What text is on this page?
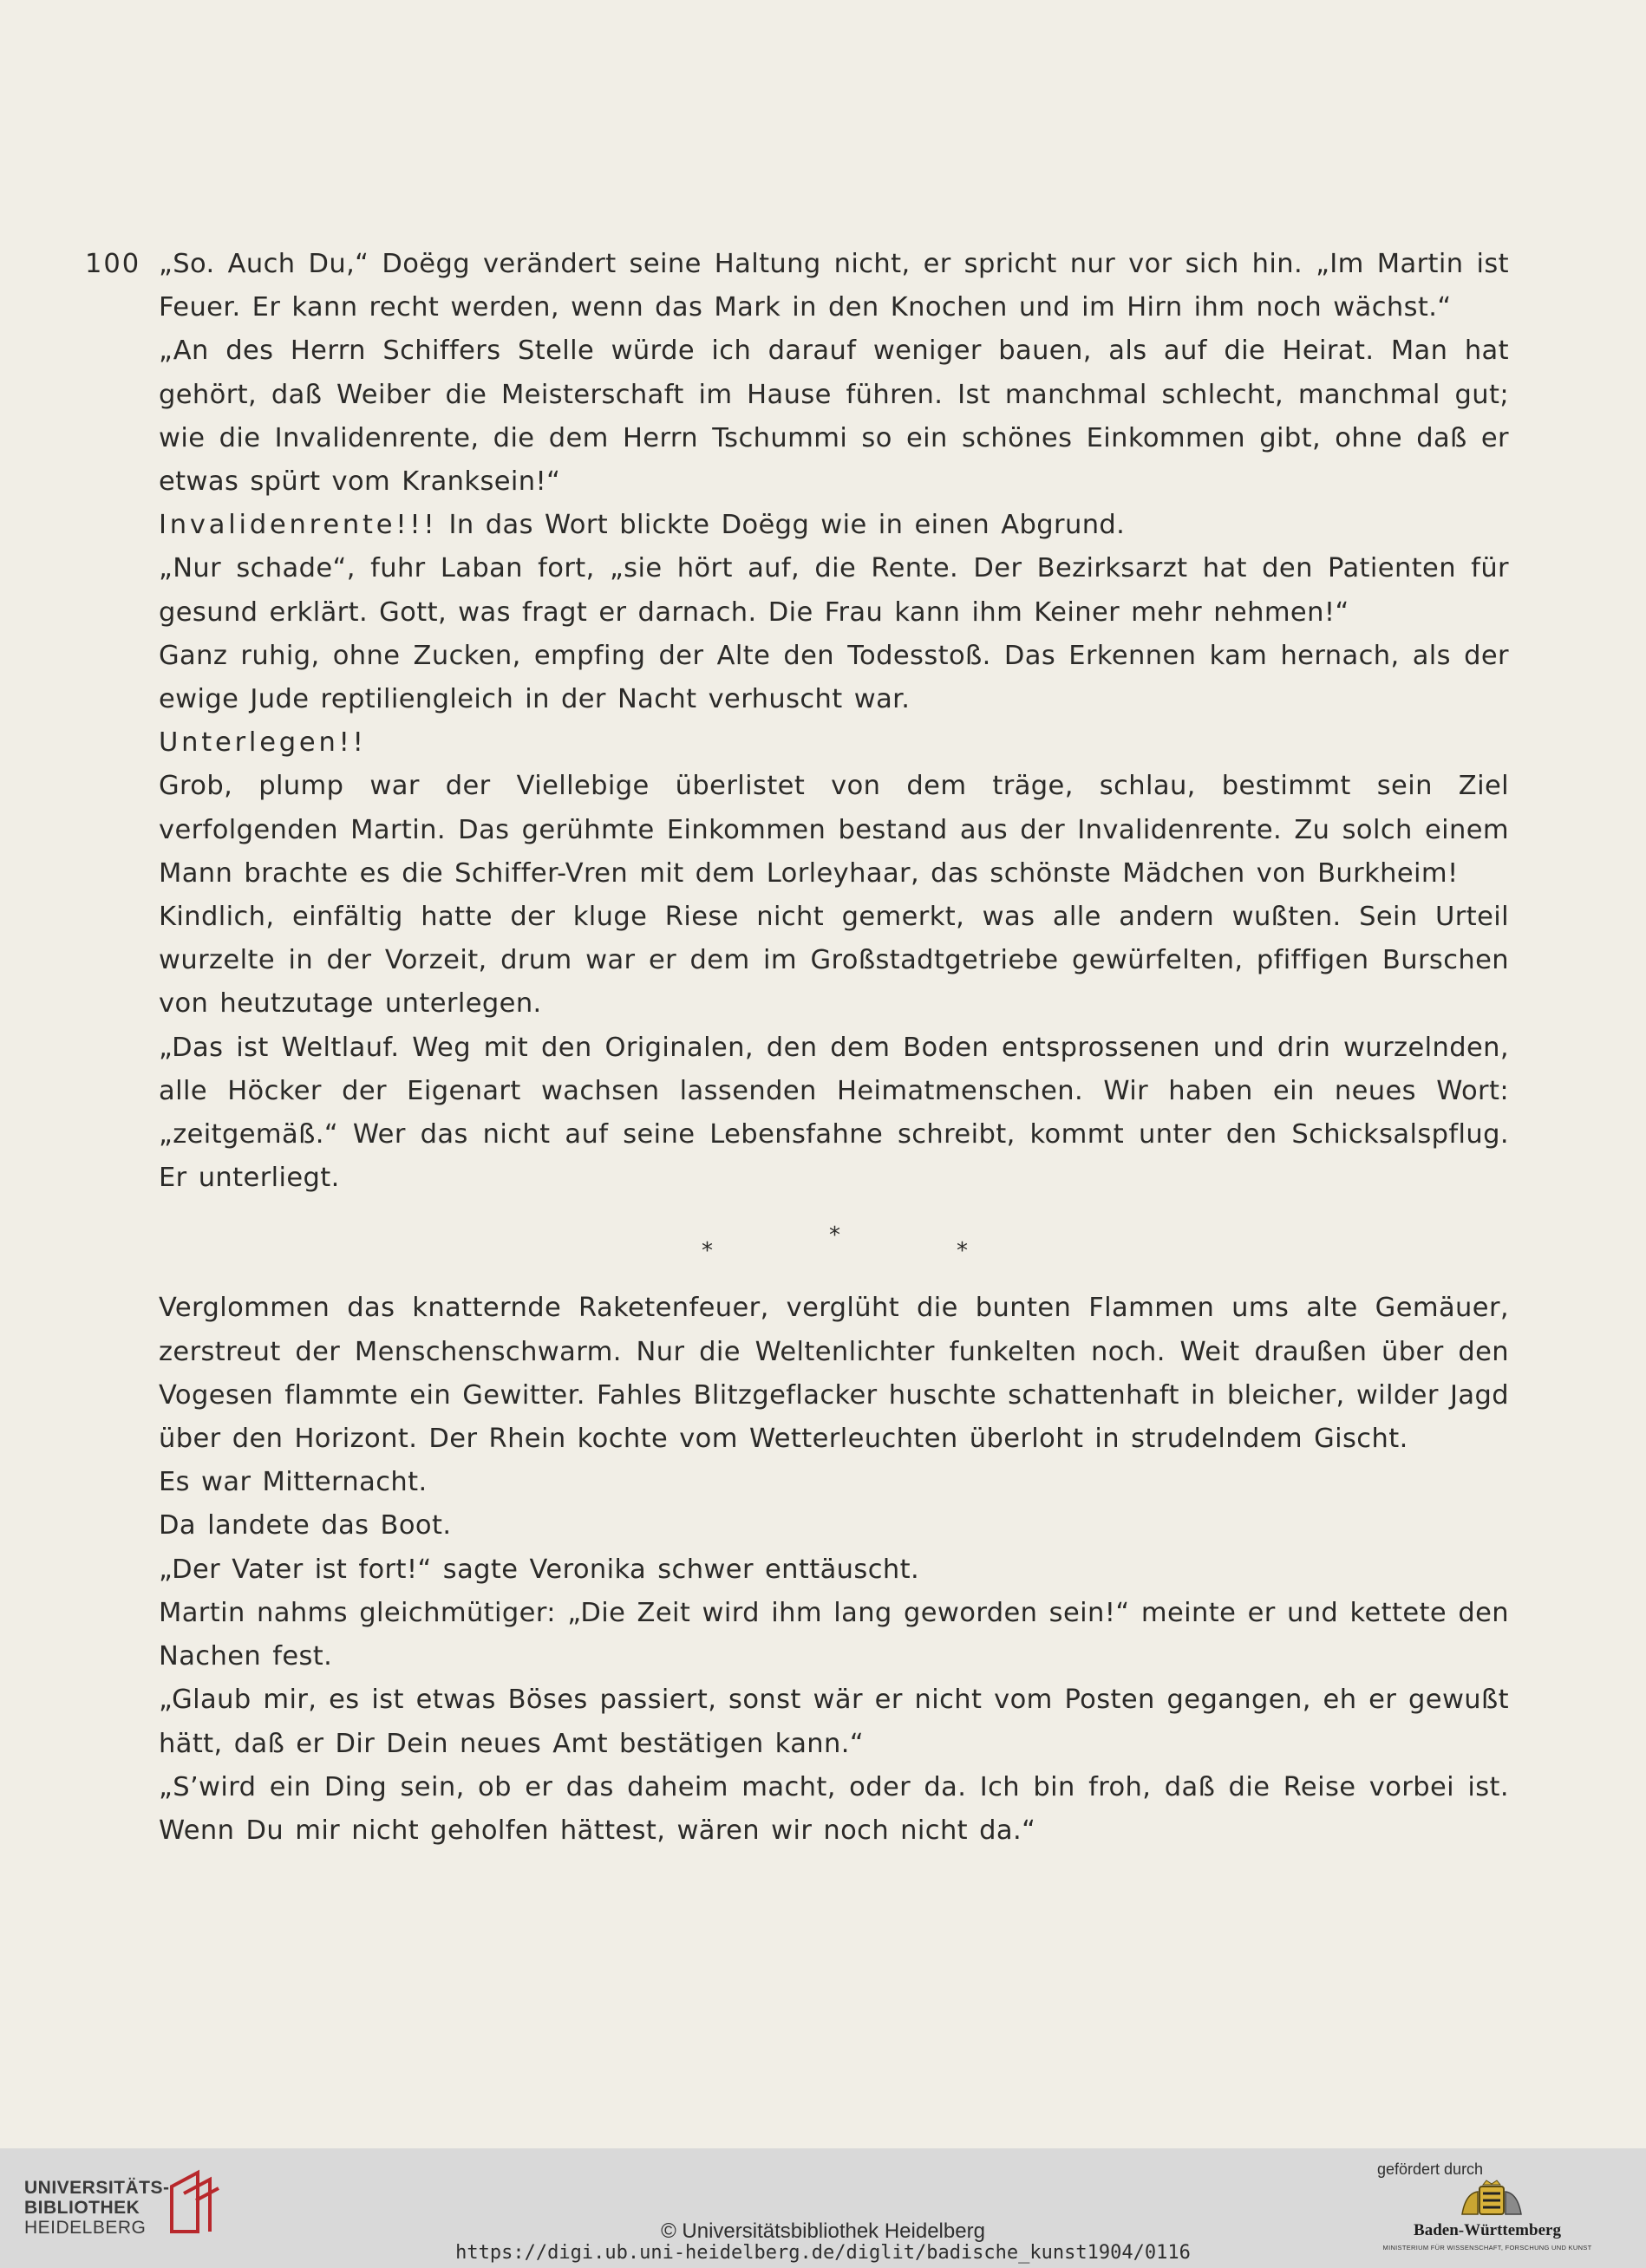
100 „So. Auch Du,“ Doëgg verändert seine Haltung nicht, er spricht nur vor sich hin. „Im Martin ist Feuer. Er kann recht werden, wenn das Mark in den Knochen und im Hirn ihm noch wächst.“

„An des Herrn Schiffers Stelle würde ich darauf weniger bauen, als auf die Heirat. Man hat gehört, daß Weiber die Meisterschaft im Hause führen. Ist manchmal schlecht, manchmal gut; wie die Invalidenrente, die dem Herrn Tschummi so ein schönes Einkommen gibt, ohne daß er etwas spürt vom Kranksein!“

Invalidenrente!!! In das Wort blickte Doëgg wie in einen Abgrund.

„Nur schade“, fuhr Laban fort, „sie hört auf, die Rente. Der Bezirksarzt hat den Patienten für gesund erklärt. Gott, was fragt er darnach. Die Frau kann ihm Keiner mehr nehmen!“

Ganz ruhig, ohne Zucken, empfing der Alte den Todesstoß. Das Erkennen kam hernach, als der ewige Jude reptiliengleich in der Nacht verhuscht war.

Unterlegen!!

Grob, plump war der Viellebige überlistet von dem träge, schlau, bestimmt sein Ziel verfolgenden Martin. Das gerühmte Einkommen bestand aus der Invalidenrente. Zu solch einem Mann brachte es die Schiffer-Vren mit dem Lorleyhaar, das schönste Mädchen von Burkheim!

Kindlich, einfältig hatte der kluge Riese nicht gemerkt, was alle andern wußten. Sein Urteil wurzelte in der Vorzeit, drum war er dem im Großstadtgetriebe gewürfelten, pfiffigen Burschen von heutzutage unterlegen.

„Das ist Weltlauf. Weg mit den Originalen, den dem Boden entsprossenen und drin wurzelnden, alle Höcker der Eigenart wachsen lassenden Heimatmenschen. Wir haben ein neues Wort: „zeitgemäß.“ Wer das nicht auf seine Lebensfahne schreibt, kommt unter den Schicksalspflug. Er unterliegt.

*
*
*

Verglommen das knatternde Raketenfeuer, verglüht die bunten Flammen ums alte Gemäuer, zerstreut der Menschenschwarm. Nur die Weltenlichter funkelten noch. Weit draußen über den Vogesen flammte ein Gewitter. Fahles Blitzgeflacker huschte schattenhaft in bleicher, wilder Jagd über den Horizont. Der Rhein kochte vom Wetterleuchten überloht in strudelndem Gischt.

Es war Mitternacht.

Da landete das Boot.

„Der Vater ist fort!“ sagte Veronika schwer enttäuscht.

Martin nahms gleichmütiger: „Die Zeit wird ihm lang geworden sein!“ meinte er und kettete den Nachen fest.

„Glaub mir, es ist etwas Böses passiert, sonst wär er nicht vom Posten gegangen, eh er gewußt hätt, daß er Dir Dein neues Amt bestätigen kann.“

„S’wird ein Ding sein, ob er das daheim macht, oder da. Ich bin froh, daß die Reise vorbei ist. Wenn Du mir nicht geholfen hättest, wären wir noch nicht da.“

UNIVERSITÄTS-
BIBLIOTHEK
HEIDELBERG	© Universitätsbibliothek Heidelberg
https://digi.ub.uni-heidelberg.de/diglit/badische_kunst1904/0116
gefördert durch
Baden-Württemberg
MINISTERIUM FÜR WISSENSCHAFT, FORSCHUNG UND KUNST
